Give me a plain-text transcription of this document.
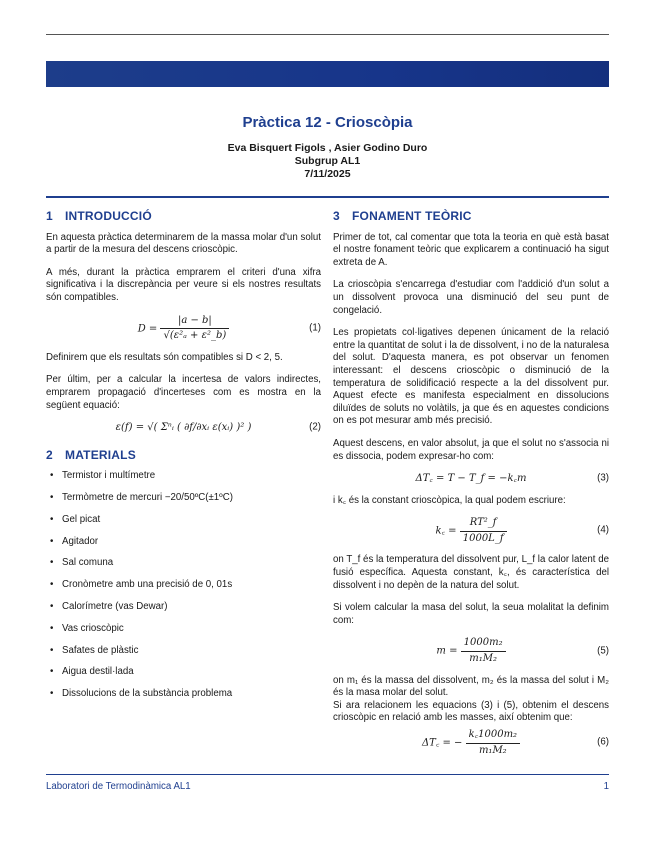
Pràctica 12 - Crioscòpia
Eva Bisquert Figols , Asier Godino Duro
Subgrup AL1
7/11/2025
1 INTRODUCCIÓ

En aquesta pràctica determinarem de la massa molar d'un solut a partir de la mesura del descens crioscòpic.

A més, durant la pràctica emprarem el criteri d'una xifra significativa i la discrepància per veure si els nostres resultats són compatibles.

$D = \frac{|a - b|}{\text{√(ε²ₐ + ε²\_b)}}$	(1)

Definirem que els resultats són compatibles si D < 2, 5.

Per últim, per a calcular la incertesa de valors indirectes, emprarem propagació d'incerteses com es mostra en la següent equació:

ε(f) = √( Σⁿᵢ ( ∂f/∂xᵢ ε(xᵢ) )² )	(2)
2 MATERIALS
• Termistor i multímetre
• Termòmetre de mercuri −20/50ºC(±1ºC)
• Gel picat
• Agitador
• Sal comuna
• Cronòmetre amb una precisió de 0, 01s
• Calorímetre (vas Dewar)
• Vas crioscòpic
• Safates de plàstic
• Aigua destil·lada
• Dissolucions de la substància problema
3 FONAMENT TEÒRIC

Primer de tot, cal comentar que tota la teoria en què està basat el nostre fonament teòric que explicarem a continuació ha sigut extreta de A.

La crioscòpia s'encarrega d'estudiar com l'addició d'un solut a un dissolvent provoca una disminució del seu punt de congelació.

Les propietats col·ligatives depenen únicament de la relació entre la quantitat de solut i la de dissolvent, i no de la naturalesa del solut. D'aquesta manera, es pot observar un fenomen interessant: el descens crioscòpic o disminució de la temperatura de solidificació respecte a la del dissolvent pur. Aquest efecte es manifesta especialment en dissolucions diluïdes de soluts no volàtils, ja que és en aquestes condicions on es pot mesurar amb més precisió.

Aquest descens, en valor absolut, ja que el solut no s'associa ni es dissocia, podem expresar-ho com:

ΔT꜀ = T − T_f = −k꜀m	(3)

i k꜀ és la constant crioscòpica, la qual podem escriure:

k꜀ = $\frac{\text{RT²\_f}}{1000L\_f}$	(4)

on T_f és la temperatura del dissolvent pur, L_f la calor latent de fusió específica. Aquesta constant, k꜀, és característica del dissolvent i no depèn de la natura del solut.

Si volem calcular la masa del solut, la seua molalitat la definim com:

$m = \frac{\text{1000m₂}}{\text{m₁M₂}}$	(5)

on m₁ és la massa del dissolvent, m₂ és la massa del solut i M₂ és la masa molar del solut.

Si ara relacionem les equacions (3) i (5), obtenim el descens crioscòpic en relació amb les masses, així obtenim que:

ΔT꜀ = − $\frac{\text{k꜀1000m₂}}{\text{m₁M₂}}$	(6)
Laboratori de Termodinàmica AL1	1
